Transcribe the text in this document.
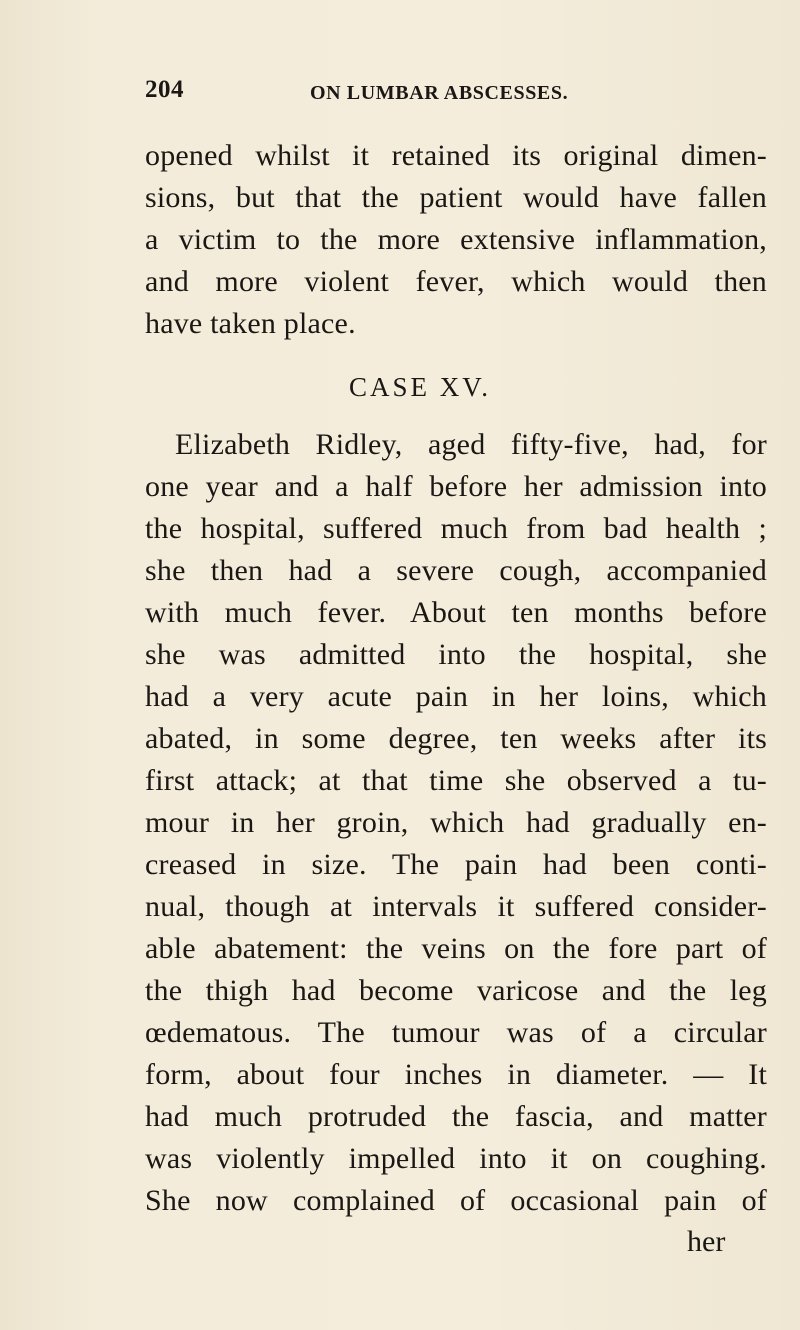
204	ON LUMBAR ABSCESSES.
opened whilst it retained its original dimen-
sions, but that the patient would have fallen
a victim to the more extensive inflammation,
and more violent fever, which would then
have taken place.
CASE XV.
Elizabeth Ridley, aged fifty-five, had, for
one year and a half before her admission into
the hospital, suffered much from bad health ;
she then had a severe cough, accompanied
with much fever. About ten months before
she was admitted into the hospital, she
had a very acute pain in her loins, which
abated, in some degree, ten weeks after its
first attack; at that time she observed a tu-
mour in her groin, which had gradually en-
creased in size. The pain had been conti-
nual, though at intervals it suffered consider-
able abatement: the veins on the fore part of
the thigh had become varicose and the leg
œdematous. The tumour was of a circular
form, about four inches in diameter. — It
had much protruded the fascia, and matter
was violently impelled into it on coughing.
She now complained of occasional pain of
her
